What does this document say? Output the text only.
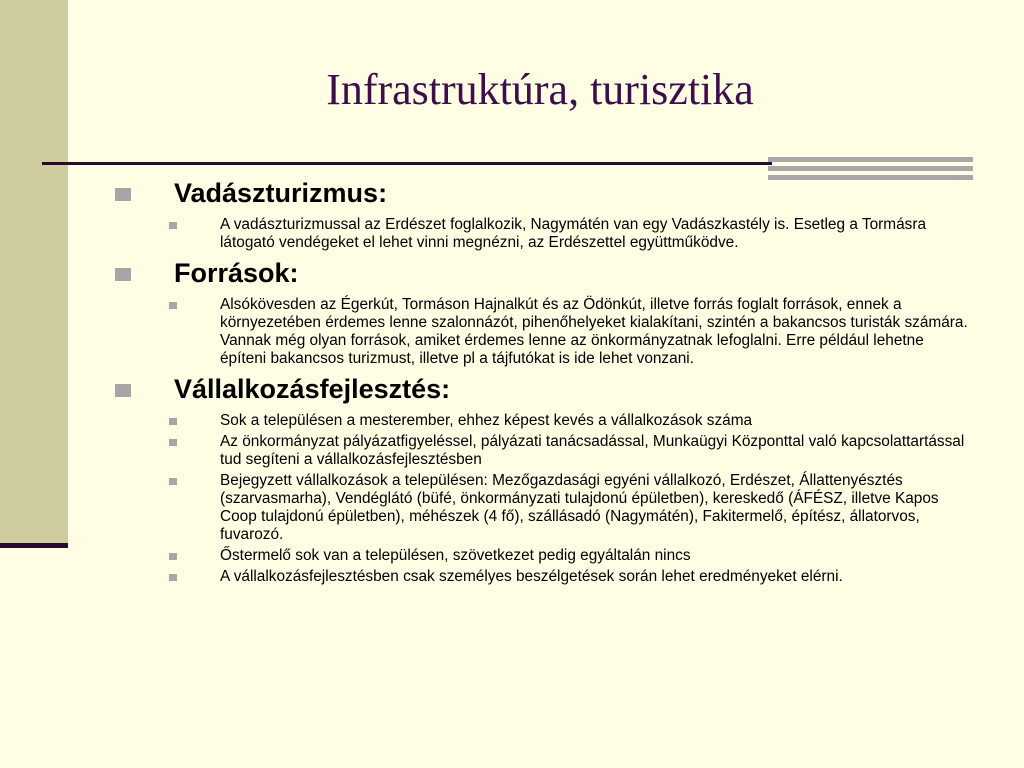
Infrastruktúra, turisztika
Vadászturizmus:
A vadászturizmussal az Erdészet foglalkozik, Nagymátén van egy Vadászkastély is. Esetleg a Tormásra látogató vendégeket el lehet vinni megnézni, az Erdészettel együttműködve.
Források:
Alsókövesden az Égerkút, Tormáson Hajnalkút és az Ödönkút, illetve forrás foglalt források, ennek a környezetében érdemes lenne szalonnázót, pihenőhelyeket kialakítani, szintén a bakancsos turisták számára. Vannak még olyan források, amiket érdemes lenne az önkormányzatnak lefoglalni. Erre például lehetne építeni bakancsos turizmust, illetve pl a tájfutókat is ide lehet vonzani.
Vállalkozásfejlesztés:
Sok a településen a mesterember, ehhez képest kevés a vállalkozások száma
Az önkormányzat pályázatfigyeléssel, pályázati tanácsadással, Munkaügyi Központtal való kapcsolattartással tud segíteni a vállalkozásfejlesztésben
Bejegyzett vállalkozások a településen: Mezőgazdasági egyéni vállalkozó, Erdészet, Állattenyésztés (szarvasmarha), Vendéglátó (büfé, önkormányzati tulajdonú épületben), kereskedő (ÁFÉSZ, illetve Kapos Coop tulajdonú épületben), méhészek (4 fő), szállásadó (Nagymátén), Fakitermelő, építész, állatorvos, fuvarozó.
Őstermelő sok van a településen, szövetkezet pedig egyáltalán nincs
A vállalkozásfejlesztésben csak személyes beszélgetések során lehet eredményeket elérni.
